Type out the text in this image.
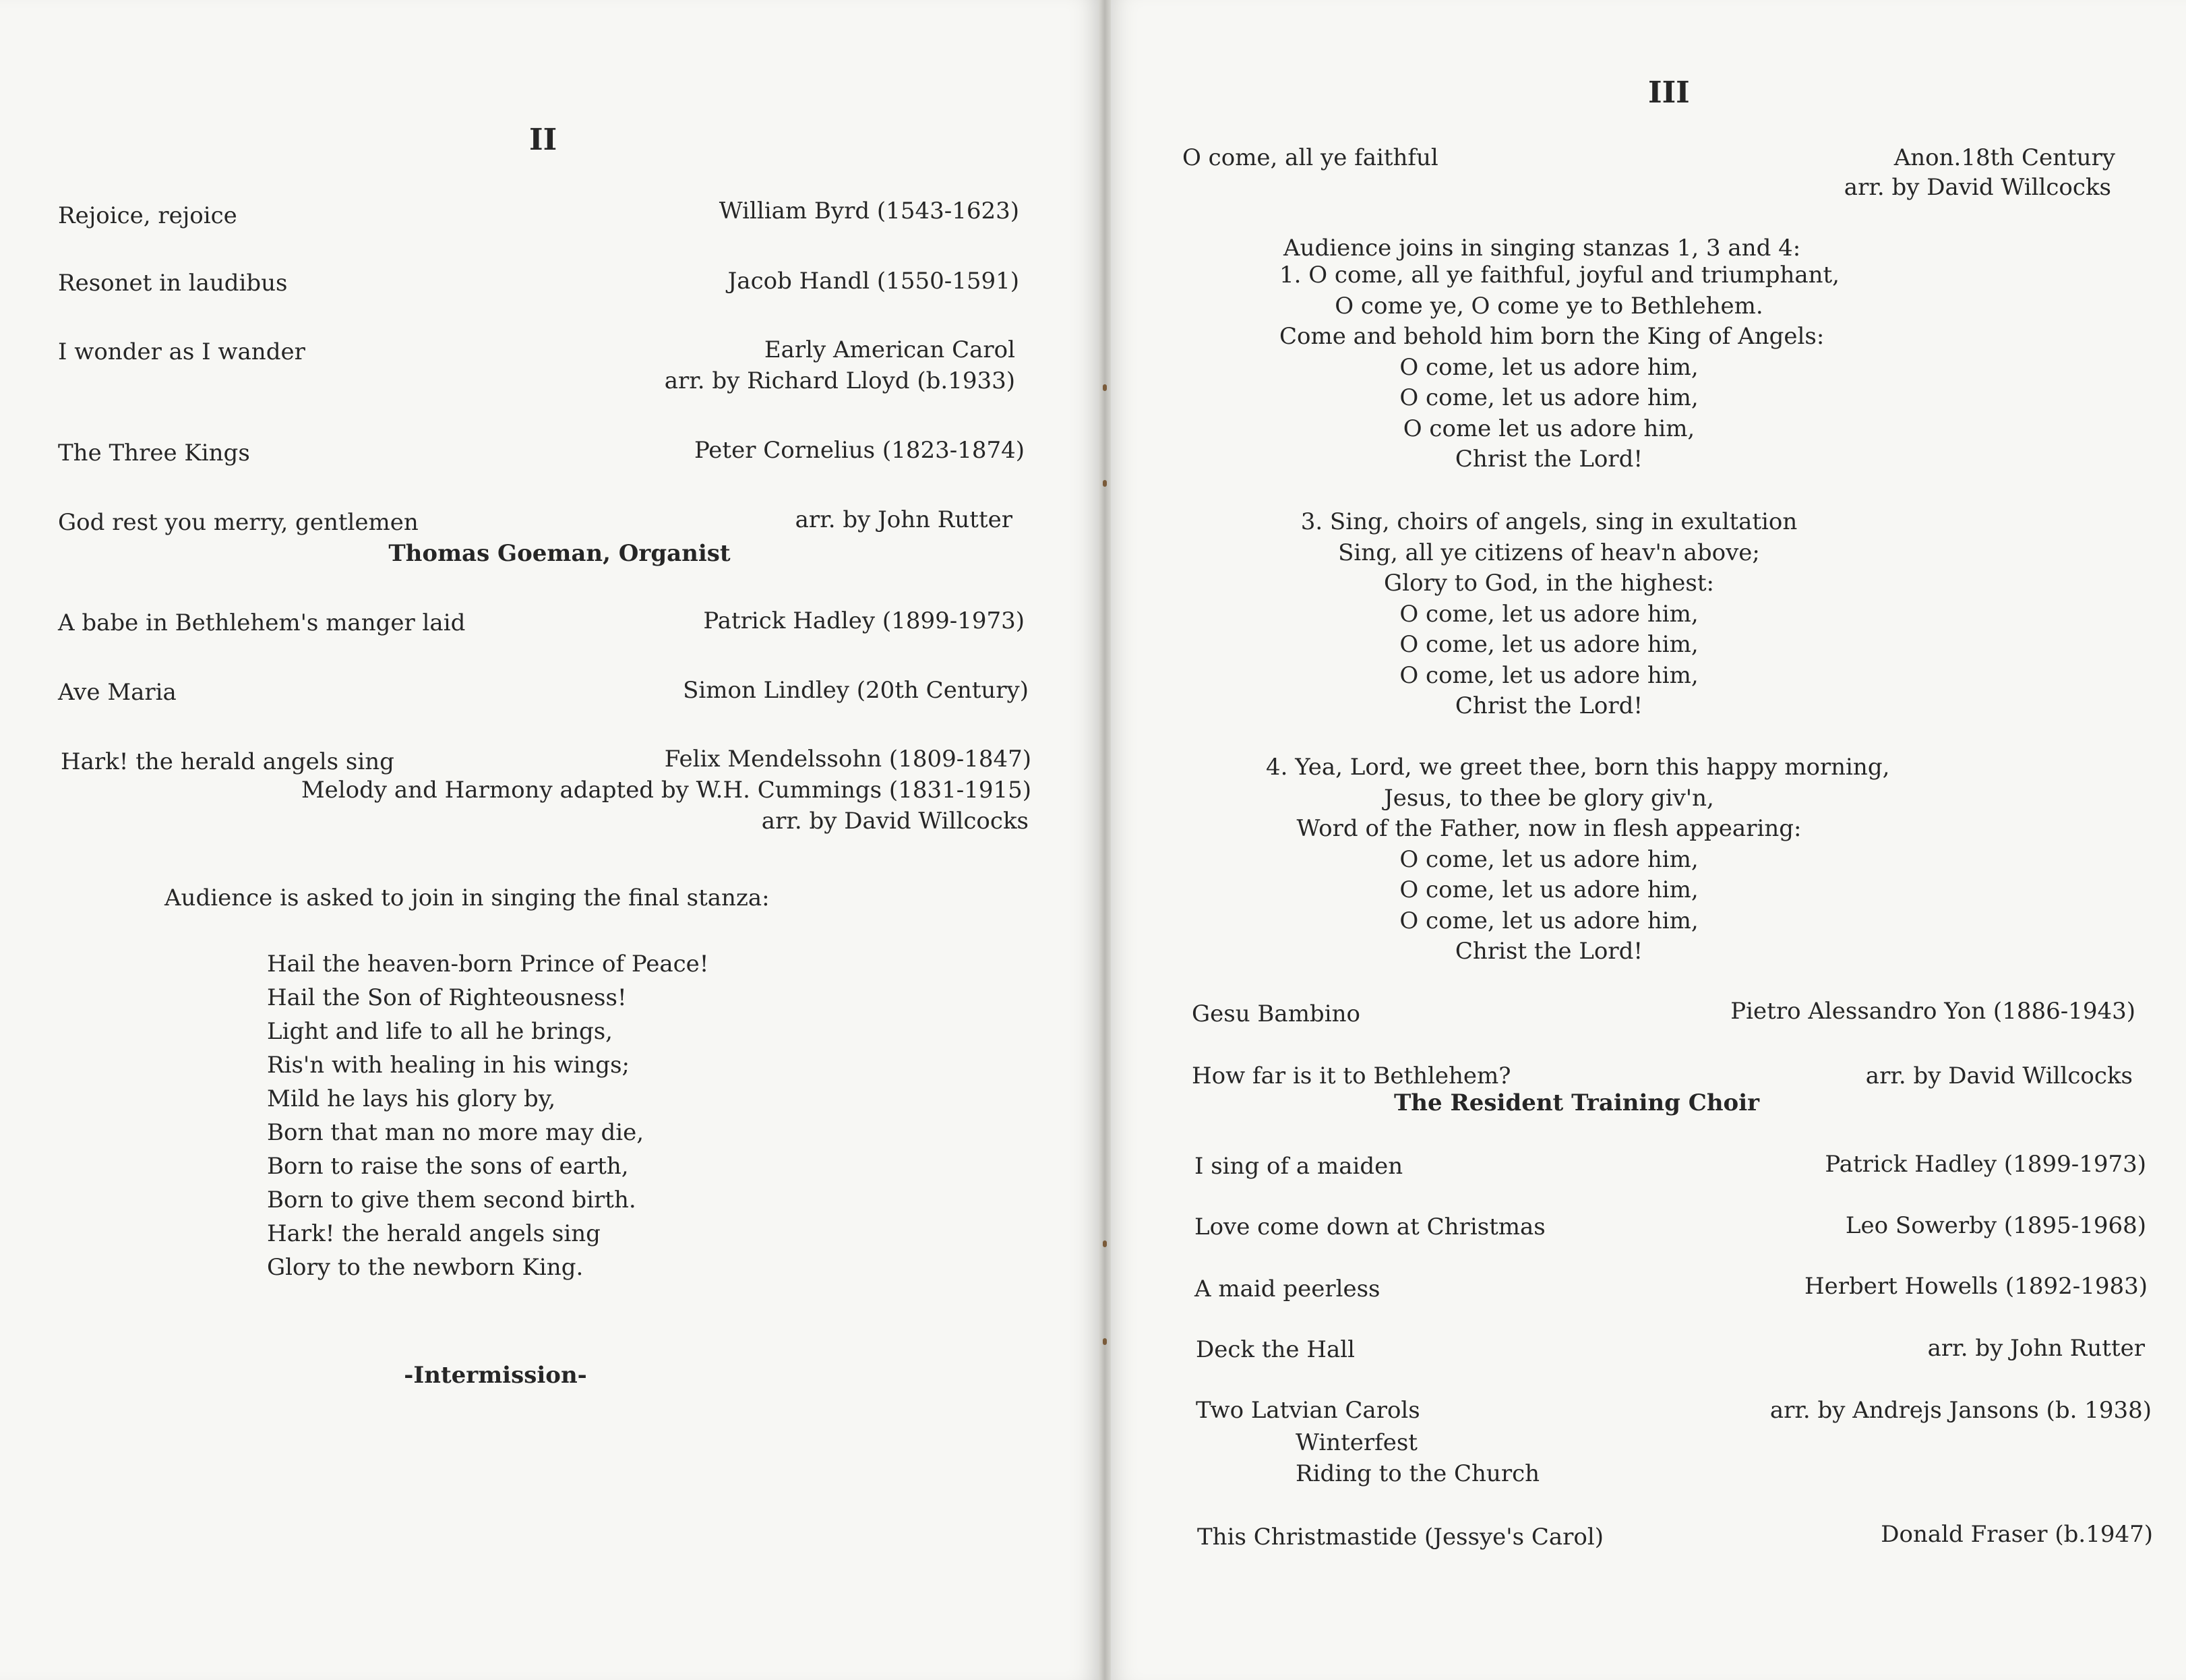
II
Rejoice, rejoice	William Byrd (1543-1623)
Resonet in laudibus	Jacob Handl (1550-1591)
I wonder as I wander	Early American Carol
arr. by Richard Lloyd (b.1933)
The Three Kings	Peter Cornelius (1823-1874)
God rest you merry, gentlemen	arr. by John Rutter
Thomas Goeman, Organist
A babe in Bethlehem's manger laid	Patrick Hadley (1899-1973)
Ave Maria	Simon Lindley (20th Century)
Hark! the herald angels sing	Felix Mendelssohn (1809-1847)
Melody and Harmony adapted by W.H. Cummings (1831-1915)
arr. by David Willcocks
Audience is asked to join in singing the final stanza:
Hail the heaven-born Prince of Peace!
Hail the Son of Righteousness!
Light and life to all he brings,
Ris'n with healing in his wings;
Mild he lays his glory by,
Born that man no more may die,
Born to raise the sons of earth,
Born to give them second birth.
Hark! the herald angels sing
Glory to the newborn King.
-Intermission-
III
O come, all ye faithful	Anon.18th Century
arr. by David Willcocks
Audience joins in singing stanzas 1, 3 and 4:
1. O come, all ye faithful, joyful and triumphant,
O come ye, O come ye to Bethlehem.
Come and behold him born the King of Angels:
O come, let us adore him,
O come, let us adore him,
O come let us adore him,
Christ the Lord!
3. Sing, choirs of angels, sing in exultation
Sing, all ye citizens of heav'n above;
Glory to God, in the highest:
O come, let us adore him,
O come, let us adore him,
O come, let us adore him,
Christ the Lord!
4. Yea, Lord, we greet thee, born this happy morning,
Jesus, to thee be glory giv'n,
Word of the Father, now in flesh appearing:
O come, let us adore him,
O come, let us adore him,
O come, let us adore him,
Christ the Lord!
Gesu Bambino	Pietro Alessandro Yon (1886-1943)
How far is it to Bethlehem?	arr. by David Willcocks
The Resident Training Choir
I sing of a maiden	Patrick Hadley (1899-1973)
Love come down at Christmas	Leo Sowerby (1895-1968)
A maid peerless	Herbert Howells (1892-1983)
Deck the Hall	arr. by John Rutter
Two Latvian Carols	arr. by Andrejs Jansons (b. 1938)
Winterfest
Riding to the Church
This Christmastide (Jessye's Carol)	Donald Fraser (b.1947)
